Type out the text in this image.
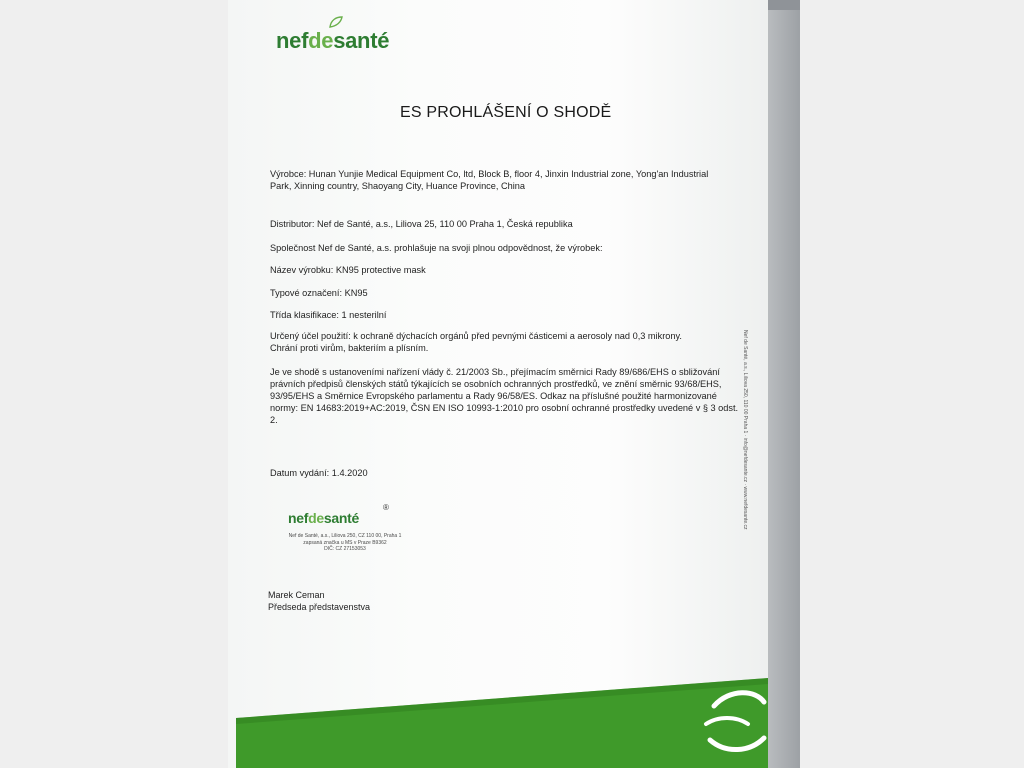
nefdesanté
ES PROHLÁŠENÍ O SHODĚ
Výrobce: Hunan Yunjie Medical Equipment Co, ltd, Block B, floor 4, Jinxin Industrial zone, Yong'an Industrial Park, Xinning country, Shaoyang City, Huance Province, China
Distributor: Nef de Santé, a.s., Liliova 25, 110 00 Praha 1, Česká republika
Společnost Nef de Santé, a.s. prohlašuje na svoji plnou odpovědnost, že výrobek:
Název výrobku: KN95 protective mask
Typové označení: KN95
Třída klasifikace: 1 nesterilní
Určený účel použití: k ochraně dýchacích orgánů před pevnými částicemi a aerosoly nad 0,3 mikrony. Chrání proti virům, bakteriím a plísním.
Je ve shodě s ustanoveními nařízení vlády č. 21/2003 Sb., přejímacím směrnici Rady 89/686/EHS o sbližování právních předpisů členských států týkajících se osobních ochranných prostředků, ve znění směrnic 93/68/EHS, 93/95/EHS a Směrnice Evropského parlamentu a Rady 96/58/ES. Odkaz na příslušné použité harmonizované normy: EN 14683:2019+AC:2019, ČSN EN ISO 10993-1:2010 pro osobní ochranné prostředky uvedené v § 3 odst. 2.
Datum vydání: 1.4.2020
nefdesanté
®
Nef de Santé, a.s., Liliova 250, CZ 110 00, Praha 1
zapsaná značka u MS v Praze B9362
DIČ: CZ 27153053
Marek Ceman
Předseda představenstva
Nef de Santé, a.s., Liliova 250, 110 00 Praha 1 · info@nefdesante.cz · www.nefdesante.cz
